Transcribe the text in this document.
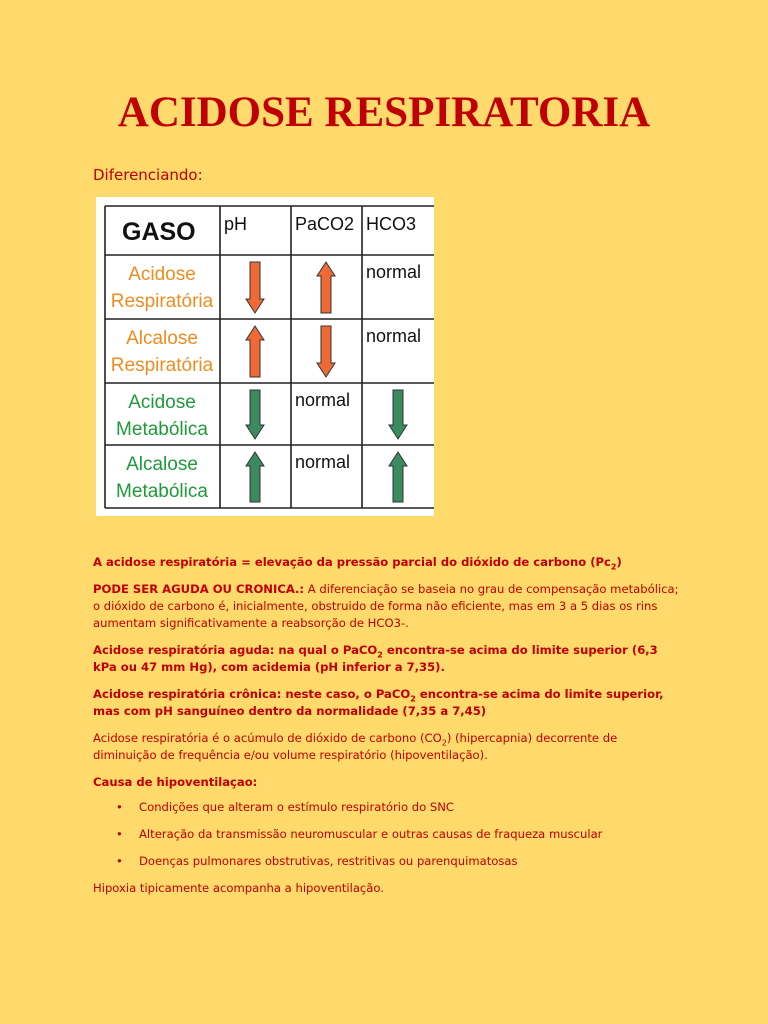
ACIDOSE RESPIRATORIA
Diferenciando:
GASO pH	PaCO2 HCO3
Acidose
Respiratória
normal
Alcalose
Respiratória
normal
Acidose
Metabólica
normal
Alcalose
Metabólica
normal

A acidose respiratória = elevação da pressão parcial do dióxido de carbono $(Pc_2)$

PODE SER AGUDA OU CRONICA.: A diferenciação se baseia no grau de compensação metabólica; o dióxido de carbono é, inicialmente, obstruido de forma não eficiente, mas em 3 a 5 dias os rins aumentam significativamente a reabsorção de HCO3-.

Acidose respiratória aguda: na qual o PaCO$_2$ encontra-se acima do limite superior (6,3 kPa ou 47 mm Hg), com acidemia (pH inferior a 7,35).

Acidose respiratória crônica: neste caso, o PaCO$_2$ encontra-se acima do limite superior, mas com pH sanguíneo dentro da normalidade (7,35 a 7,45)

Acidose respiratória é o acúmulo de dióxido de carbono $(CO_2)$ (hipercapnia) decorrente de diminuição de frequência e/ou volume respiratório (hipoventilação).

Causa de hipoventilaçao:

• Condições que alteram o estímulo respiratório do SNC
• Alteração da transmissão neuromuscular e outras causas de fraqueza muscular
• Doenças pulmonares obstrutivas, restritivas ou parenquimatosas

Hipoxia tipicamente acompanha a hipoventilação.
